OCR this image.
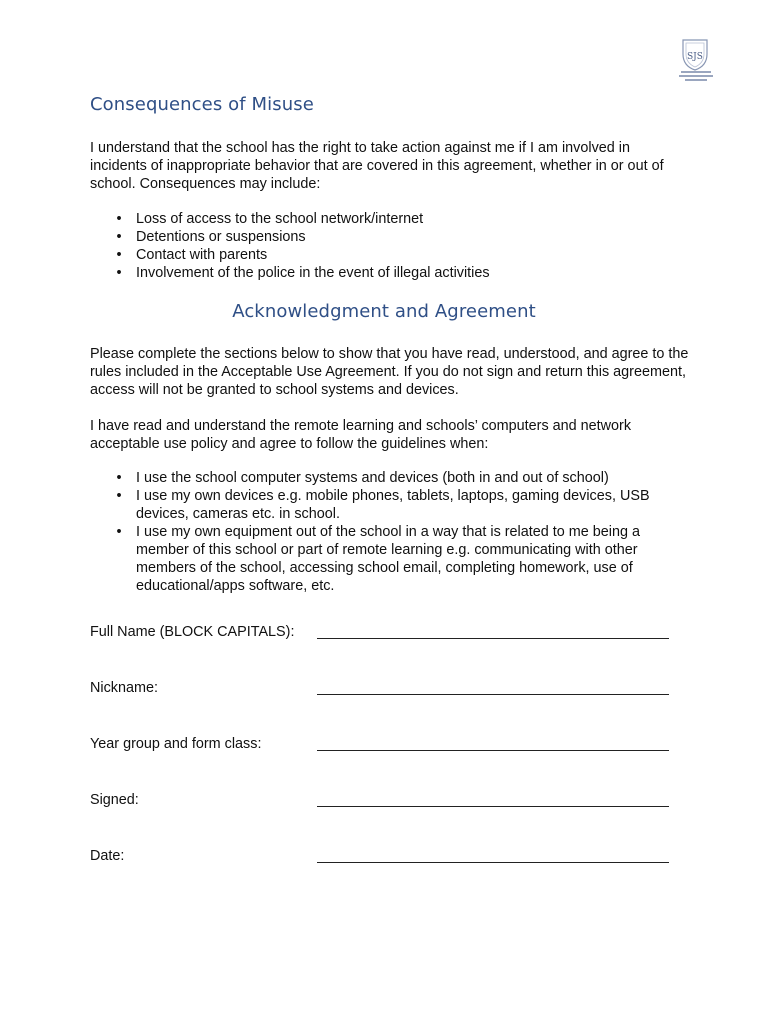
SJS
Consequences of Misuse

I understand that the school has the right to take action against me if I am involved in incidents of inappropriate behavior that are covered in this agreement, whether in or out of school. Consequences may include:

• Loss of access to the school network/internet
• Detentions or suspensions
• Contact with parents
• Involvement of the police in the event of illegal activities
Acknowledgment and Agreement

Please complete the sections below to show that you have read, understood, and agree to the rules included in the Acceptable Use Agreement. If you do not sign and return this agreement, access will not be granted to school systems and devices.

I have read and understand the remote learning and schools’ computers and network acceptable use policy and agree to follow the guidelines when:

• I use the school computer systems and devices (both in and out of school)
• I use my own devices e.g. mobile phones, tablets, laptops, gaming devices, USB devices, cameras etc. in school.
• I use my own equipment out of the school in a way that is related to me being a member of this school or part of remote learning e.g. communicating with other members of the school, accessing school email, completing homework, use of educational/apps software, etc.
Full Name (BLOCK CAPITALS):
Nickname:
Year group and form class:
Signed:
Date:
